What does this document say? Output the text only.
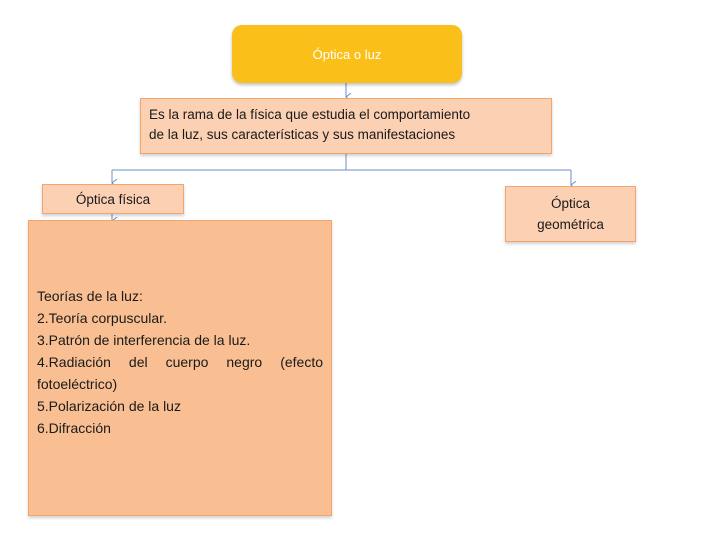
Óptica o luz
Es la rama de la física que estudia el comportamiento
de la luz, sus características y sus manifestaciones
Óptica física	Óptica
geométrica
Teorías de la luz:
2.Teoría corpuscular.
3.Patrón de interferencia de la luz.
4.Radiación del cuerpo negro (efecto fotoeléctrico)
5.Polarización de la luz
6.Difracción
